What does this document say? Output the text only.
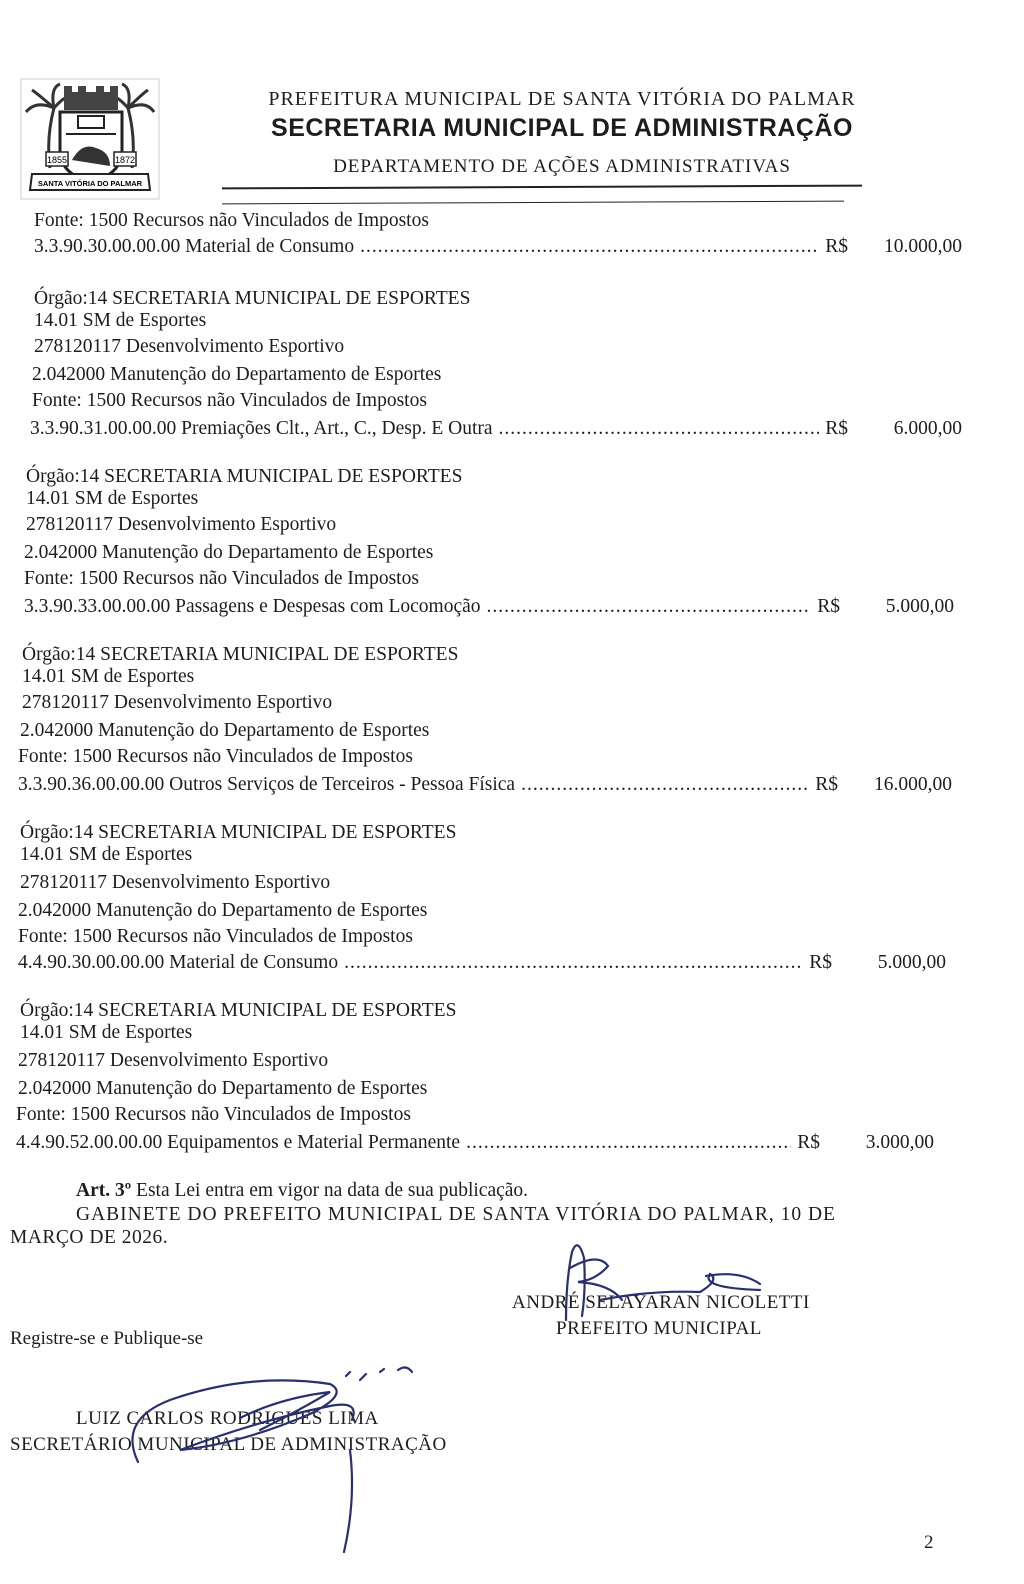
1855	1872
SANTA VITÓRIA DO PALMAR
PREFEITURA MUNICIPAL DE SANTA VITÓRIA DO PALMAR
SECRETARIA MUNICIPAL DE ADMINISTRAÇÃO
DEPARTAMENTO DE AÇÕES ADMINISTRATIVAS
Fonte: 1500 Recursos não Vinculados de Impostos
3.3.90.30.00.00.00 Material de Consumo .....	R$	10.000,00
Órgão:14 SECRETARIA MUNICIPAL DE ESPORTES
14.01 SM de Esportes
278120117 Desenvolvimento Esportivo
2.042000 Manutenção do Departamento de Esportes
Fonte: 1500 Recursos não Vinculados de Impostos
3.3.90.31.00.00.00 Premiações Clt., Art., C., Desp. E Outra .....	R$	6.000,00
Órgão:14 SECRETARIA MUNICIPAL DE ESPORTES
14.01 SM de Esportes
278120117 Desenvolvimento Esportivo
2.042000 Manutenção do Departamento de Esportes
Fonte: 1500 Recursos não Vinculados de Impostos
3.3.90.33.00.00.00 Passagens e Despesas com Locomoção .....	R$	5.000,00
Órgão:14 SECRETARIA MUNICIPAL DE ESPORTES
14.01 SM de Esportes
278120117 Desenvolvimento Esportivo
2.042000 Manutenção do Departamento de Esportes
Fonte: 1500 Recursos não Vinculados de Impostos
3.3.90.36.00.00.00 Outros Serviços de Terceiros - Pessoa Física .....	R$	16.000,00
Órgão:14 SECRETARIA MUNICIPAL DE ESPORTES
14.01 SM de Esportes
278120117 Desenvolvimento Esportivo
2.042000 Manutenção do Departamento de Esportes
Fonte: 1500 Recursos não Vinculados de Impostos
4.4.90.30.00.00.00 Material de Consumo .....	R$	5.000,00
Órgão:14 SECRETARIA MUNICIPAL DE ESPORTES
14.01 SM de Esportes
278120117 Desenvolvimento Esportivo
2.042000 Manutenção do Departamento de Esportes
Fonte: 1500 Recursos não Vinculados de Impostos
4.4.90.52.00.00.00 Equipamentos e Material Permanente .....	R$	3.000,00
Art. 3º Esta Lei entra em vigor na data de sua publicação.
GABINETE DO PREFEITO MUNICIPAL DE SANTA VITÓRIA DO PALMAR, 10 DE
MARÇO DE 2026.
ANDRÉ SELAYARAN NICOLETTI
PREFEITO MUNICIPAL
Registre-se e Publique-se
LUIZ CARLOS RODRIGUES LIMA
SECRETÁRIO MUNICIPAL DE ADMINISTRAÇÃO
2
